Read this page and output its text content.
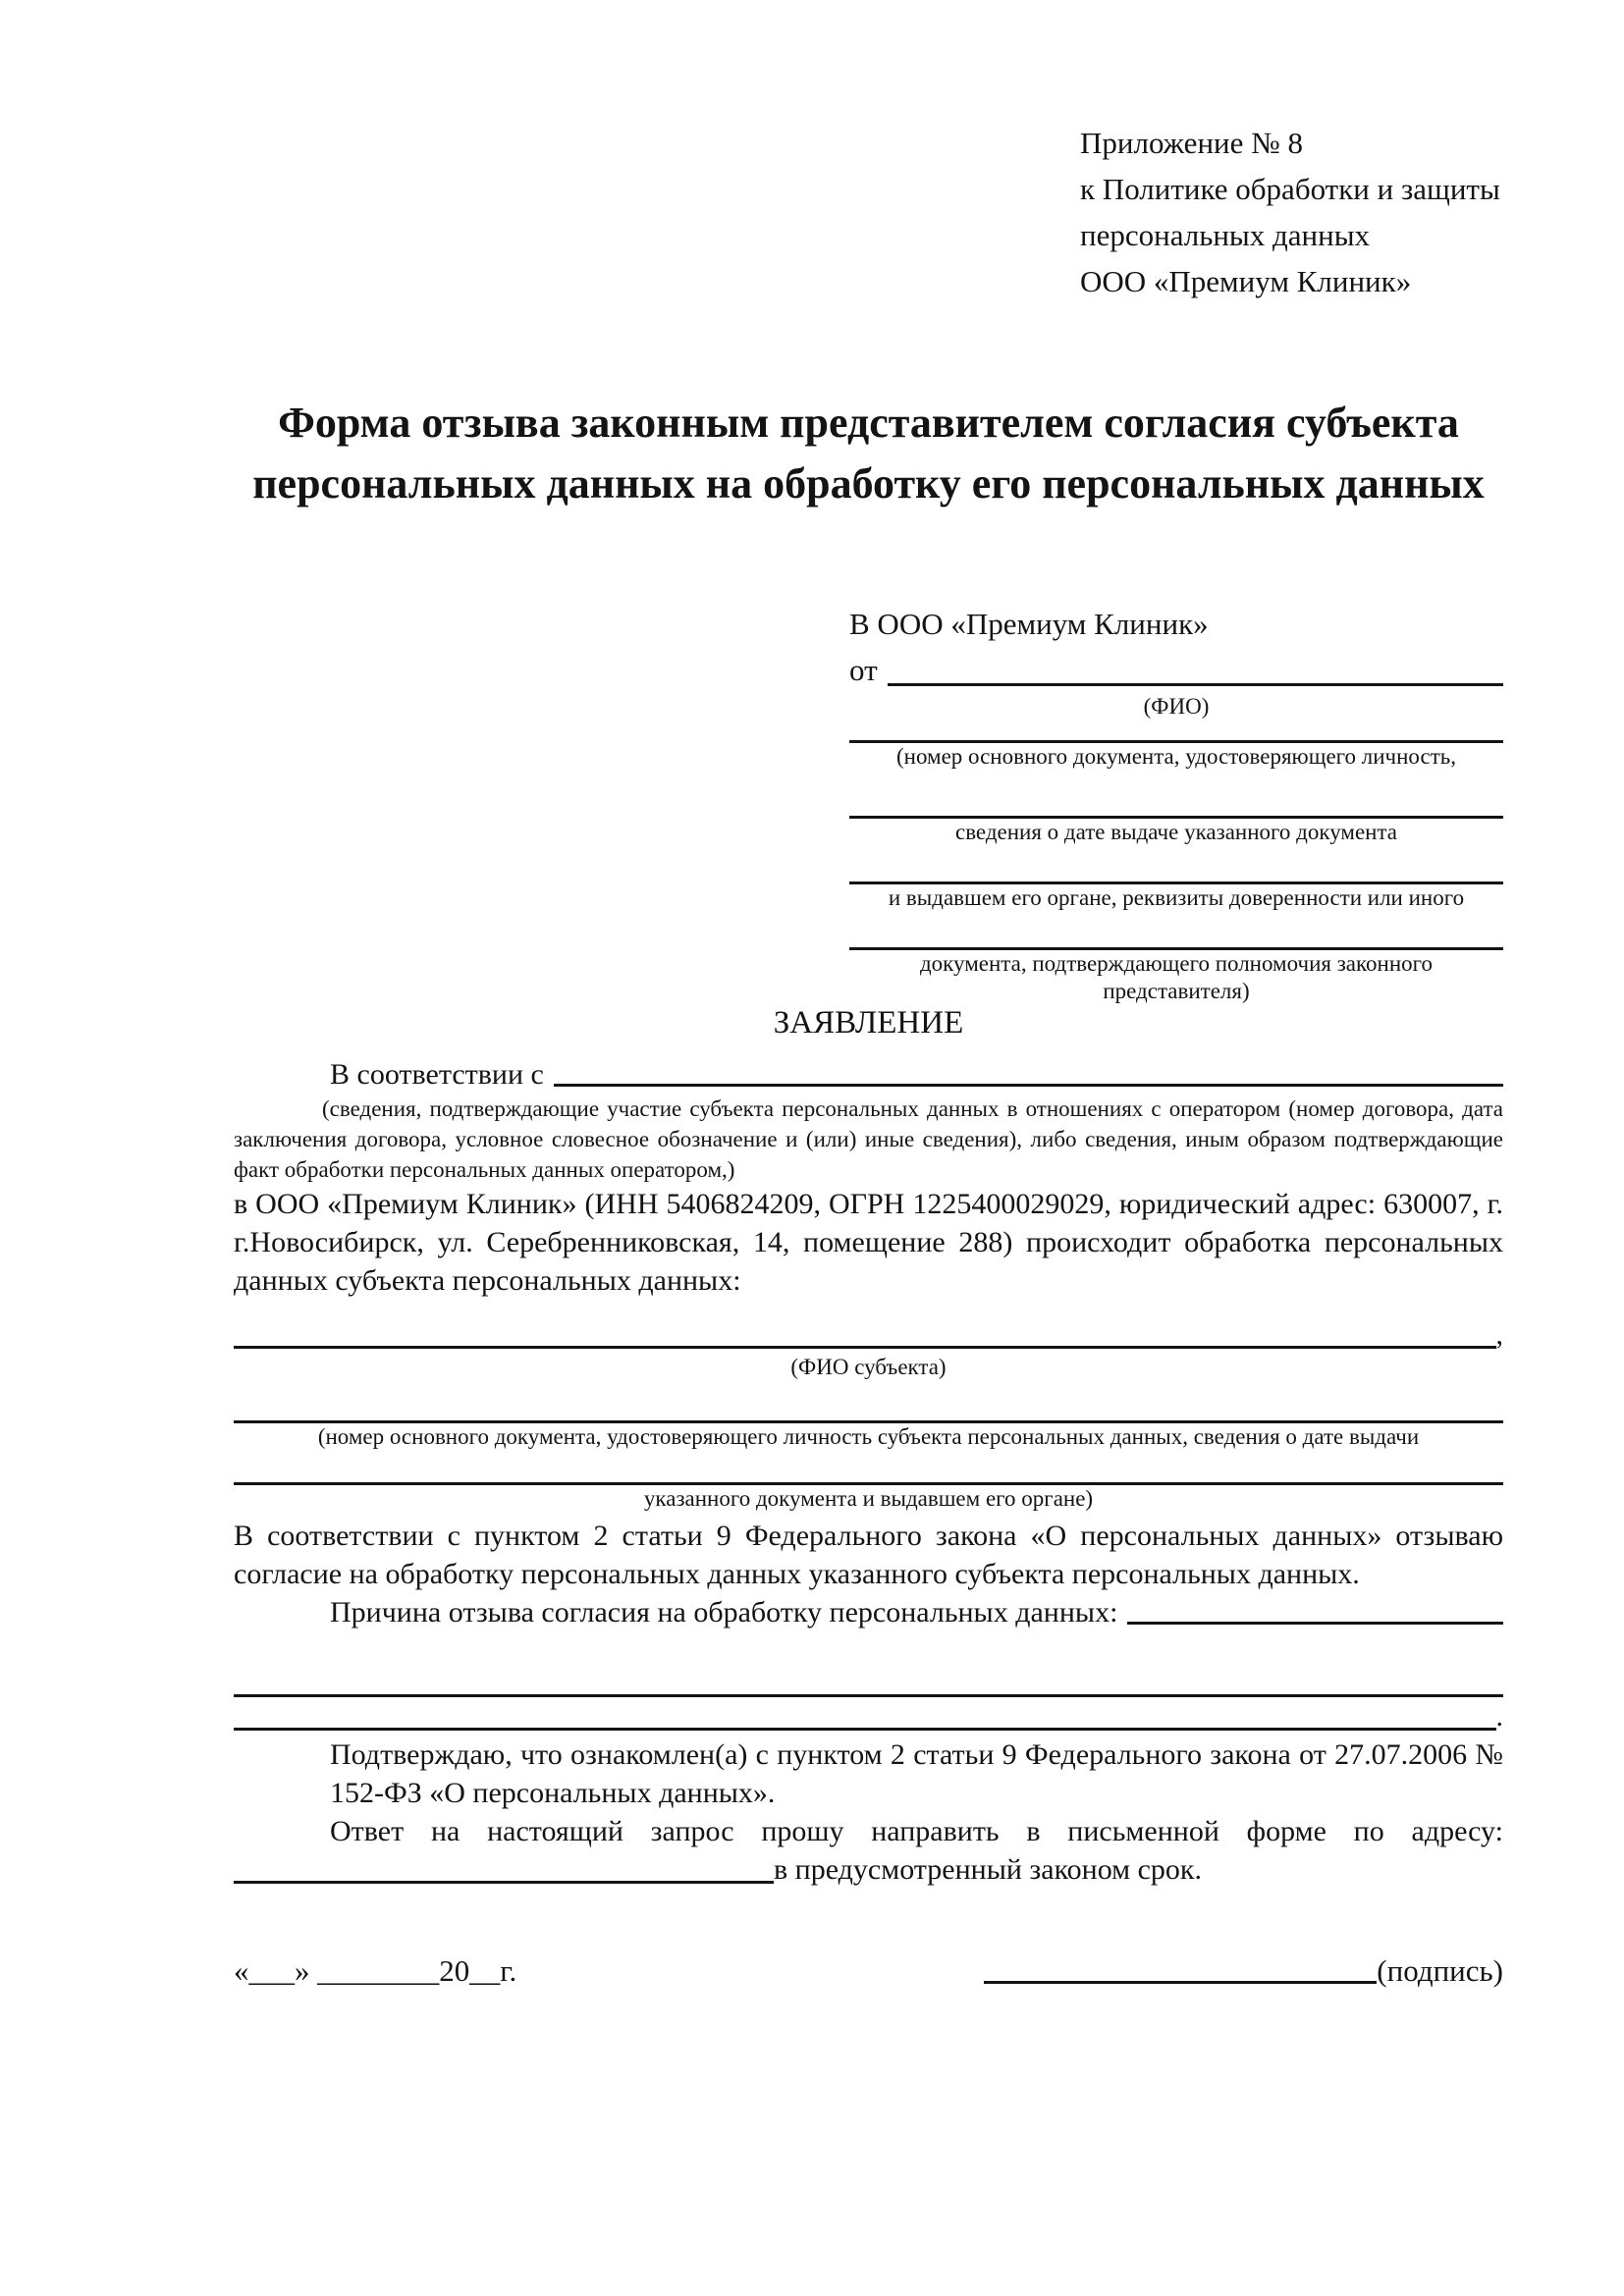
Приложение № 8
к Политике обработки и защиты
персональных данных
ООО «Премиум Клиник»
Форма отзыва законным представителем согласия субъекта персональных данных на обработку его персональных данных
В ООО «Премиум Клиник»
от
(ФИО)
(номер основного документа, удостоверяющего личность,
сведения о дате выдаче указанного документа
и выдавшем его органе, реквизиты доверенности или иного
документа, подтверждающего полномочия законного представителя)
ЗАЯВЛЕНИЕ
В соответствии с

(сведения, подтверждающие участие субъекта персональных данных в отношениях с оператором (номер договора, дата заключения договора, условное словесное обозначение и (или) иные сведения), либо сведения, иным образом подтверждающие факт обработки персональных данных оператором,)

в ООО «Премиум Клиник» (ИНН 5406824209, ОГРН 1225400029029, юридический адрес: 630007, г. г.Новосибирск, ул. Серебренниковская, 14, помещение 288) происходит обработка персональных данных субъекта персональных данных:

,
(ФИО субъекта)
(номер основного документа, удостоверяющего личность субъекта персональных данных, сведения о дате выдачи
указанного документа и выдавшем его органе)

В соответствии с пунктом 2 статьи 9 Федерального закона «О персональных данных» отзываю согласие на обработку персональных данных указанного субъекта персональных данных.

Причина отзыва согласия на обработку персональных данных:
.

Подтверждаю, что ознакомлен(а) с пунктом 2 статьи 9 Федерального закона от 27.07.2006 № 152-ФЗ «О персональных данных».

Ответ на настоящий запрос прошу направить в письменной форме по адресу:

в предусмотренный законом срок.
«___» ________20__г.	(подпись)
